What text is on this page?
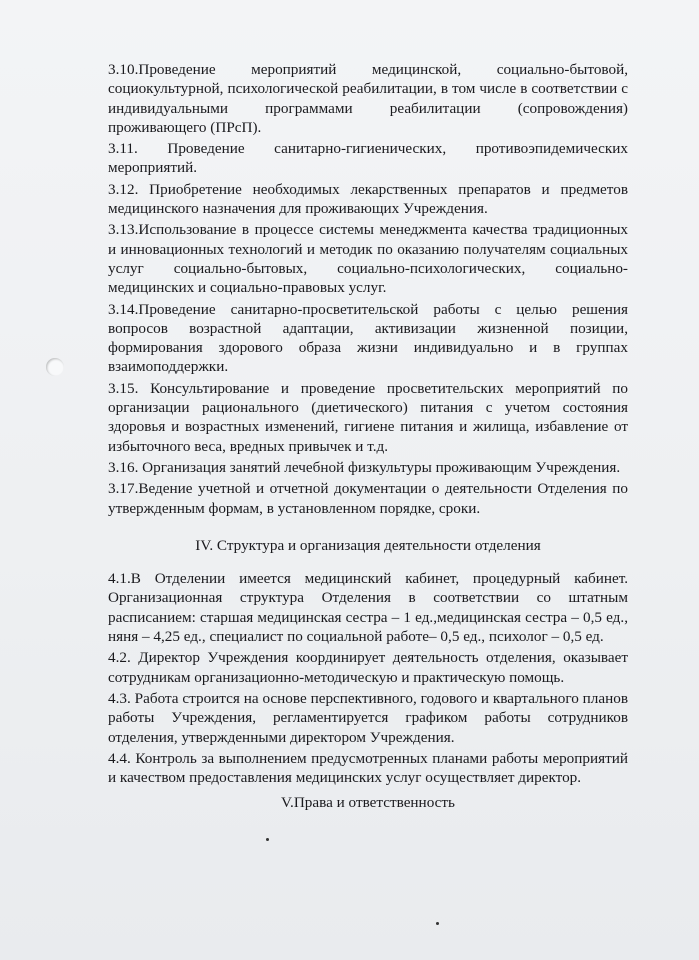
3.10.Проведение мероприятий медицинской, социально-бытовой, социокультурной, психологической реабилитации, в том числе в соответствии с индивидуальными программами реабилитации (сопровождения) проживающего (ПРсП).

3.11. Проведение санитарно-гигиенических, противоэпидемических мероприятий.

3.12. Приобретение необходимых лекарственных препаратов и предметов медицинского назначения для проживающих Учреждения.

3.13.Использование в процессе системы менеджмента качества традиционных и инновационных технологий и методик по оказанию получателям социальных услуг социально-бытовых, социально-психологических, социально-медицинских и социально-правовых услуг.

3.14.Проведение санитарно-просветительской работы с целью решения вопросов возрастной адаптации, активизации жизненной позиции, формирования здорового образа жизни индивидуально и в группах взаимоподдержки.

3.15. Консультирование и проведение просветительских мероприятий по организации рационального (диетического) питания с учетом состояния здоровья и возрастных изменений, гигиене питания и жилища, избавление от избыточного веса, вредных привычек и т.д.

3.16. Организация занятий лечебной физкультуры проживающим Учреждения.

3.17.Ведение учетной и отчетной документации о деятельности Отделения по утвержденным формам, в установленном порядке, сроки.

IV. Структура и организация деятельности отделения

4.1.В Отделении имеется медицинский кабинет, процедурный кабинет. Организационная структура Отделения в соответствии со штатным расписанием: старшая медицинская сестра – 1 ед.,медицинская сестра – 0,5 ед., няня – 4,25 ед., специалист по социальной работе– 0,5 ед., психолог – 0,5 ед.

4.2. Директор Учреждения координирует деятельность отделения, оказывает сотрудникам организационно-методическую и практическую помощь.

4.3. Работа строится на основе перспективного, годового и квартального планов работы Учреждения, регламентируется графиком работы сотрудников отделения, утвержденными директором Учреждения.

4.4. Контроль за выполнением предусмотренных планами работы мероприятий и качеством предоставления медицинских услуг осуществляет директор.

V.Права и ответственность
